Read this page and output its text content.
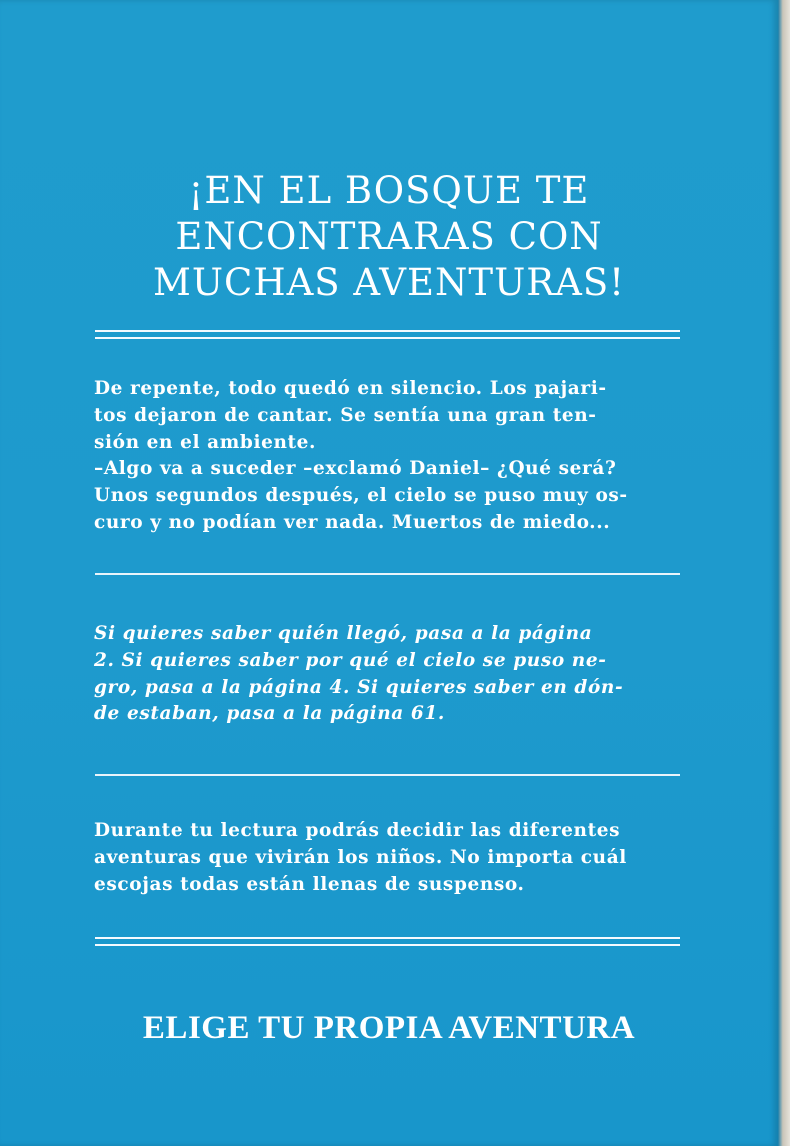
¡EN EL BOSQUE TE
ENCONTRARAS CON
MUCHAS AVENTURAS!
De repente, todo quedó en silencio. Los pajari-
tos dejaron de cantar. Se sentía una gran ten-
sión en el ambiente.
–Algo va a suceder –exclamó Daniel– ¿Qué será?
Unos segundos después, el cielo se puso muy os-
curo y no podían ver nada. Muertos de miedo...
Si quieres saber quién llegó, pasa a la página
2. Si quieres saber por qué el cielo se puso ne-
gro, pasa a la página 4. Si quieres saber en dón-
de estaban, pasa a la página 61.
Durante tu lectura podrás decidir las diferentes
aventuras que vivirán los niños. No importa cuál
escojas todas están llenas de suspenso.
ELIGE TU PROPIA AVENTURA
